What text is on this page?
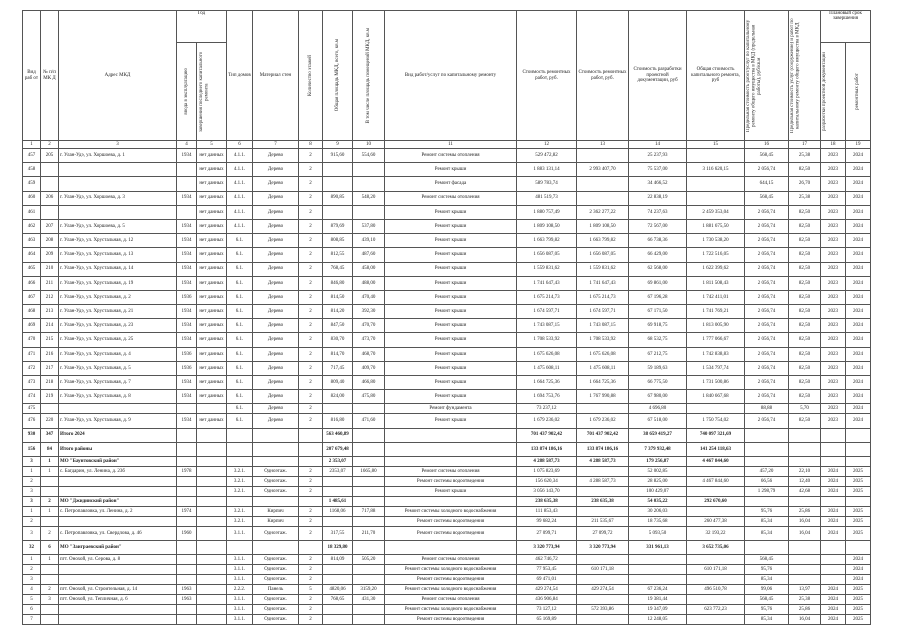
Вид раб от	№ п/п МК Д	Адрес МКД	Год		Тип домов	Материал стен	Количество этажей	Общая площадь МКД, всего, кв.м	В том числе площадь помещений МКД, кв.м	Вид работ/услуг по капитальному ремонту	Стоимость ремонтных работ, руб.	Стоимость ремонтных работ, руб.	Стоимость разработки проектной документации, руб	Общая стоимость капитального ремонта, руб	Предельная стоимость работ/услуг по капитальному ремонту общего имущества в МКД (предельная работы), руб/кв.м	Предельная стоимость услуг (сооружение) и работ по капитальному ремонту общего имущества в МКД	Плановый срок завершения	

			ввода в эксплуатацию	завершения последнего капитального ремонта													разработки проектной документации	ремонтных работ

1	2	3	4	5	6	7	8	9	10	11	12	13	14	15	16	17	18	19
457	205	г. Улан-Удэ, ул. Хоршоева, д. 1	1934	нет данных	4.1.1.	Дерево	2	915,60	554,60	Ремонт системы отопления	529 472,82		25 237,93		568,45	25,38	2023	2024
458				нет данных	4.1.1.	Дерево	2			Ремонт крыши	1 883 131,14	2 993 407,70	75 537,00	3 116 620,15	2 056,74	82,50	2023	2024
459				нет данных	4.1.1.	Дерево	2			Ремонт фасада	589 783,74		34 466,52		644,15	26,70	2023	2024
460	206	г. Улан-Удэ, ул. Хоршоева, д. 3	1934	нет данных	4.1.1.	Дерево	2	890,85	548,20	Ремонт системы отопления	481 519,73		22 838,19		568,45	25,38	2023	2024
461				нет данных	4.1.1.	Дерево	2			Ремонт крыши	1 880 757,49	2 362 277,22	74 237,63	2 459 353,04	2 056,74	82,50	2023	2024
462	207	г. Улан-Удэ, ул. Хоршоева, д. 5	1934	нет данных	4.1.1.	Дерево	2	879,69	537,80	Ремонт крыши	1 809 108,50	1 809 108,50	72 567,00	1 881 675,50	2 056,74	82,50	2023	2024
463	208	г. Улан-Удэ, ул. Хрустальная, д. 12	1934	нет данных	6.1.	Дерево	2	808,85	439,10	Ремонт крыши	1 663 799,82	1 663 799,82	66 738,36	1 730 538,20	2 056,74	82,50	2023	2024
464	209	г. Улан-Удэ, ул. Хрустальная, д. 13	1934	нет данных	6.1.	Дерево	2	812,55	487,60	Ремонт крыши	1 656 087,05	1 656 087,05	66 429,00	1 722 516,05	2 056,74	82,50	2023	2024
465	210	г. Улан-Удэ, ул. Хрустальная, д. 14	1934	нет данных	6.1.	Дерево	2	768,45	458,00	Ремонт крыши	1 559 831,62	1 559 831,62	62 568,00	1 622 399,62	2 056,74	82,50	2023	2024
466	211	г. Улан-Удэ, ул. Хрустальная, д. 19	1934	нет данных	6.1.	Дерево	2	846,80	488,00	Ремонт крыши	1 741 647,43	1 741 647,43	69 861,00	1 811 508,43	2 056,74	82,50	2023	2024
467	212	г. Улан-Удэ, ул. Хрустальная, д. 2	1936	нет данных	6.1.	Дерево	2	814,50	470,40	Ремонт крыши	1 675 214,73	1 675 214,73	67 196,28	1 742 411,01	2 056,74	82,50	2023	2024
468	213	г. Улан-Удэ, ул. Хрустальная, д. 21	1934	нет данных	6.1.	Дерево	2	814,20	392,30	Ремонт крыши	1 674 597,71	1 674 597,71	67 171,50	1 741 769,21	2 056,74	82,50	2023	2024
469	214	г. Улан-Удэ, ул. Хрустальная, д. 23	1934	нет данных	6.1.	Дерево	2	847,50	470,70	Ремонт крыши	1 743 087,15	1 743 087,15	69 918,75	1 813 005,90	2 056,74	82,50	2023	2024
470	215	г. Улан-Удэ, ул. Хрустальная, д. 25	1934	нет данных	6.1.	Дерево	2	830,70	473,70	Ремонт крыши	1 708 533,92	1 708 533,92	68 532,75	1 777 066,67	2 056,74	82,50	2023	2024
471	216	г. Улан-Удэ, ул. Хрустальная, д. 4	1936	нет данных	6.1.	Дерево	2	814,70	468,70	Ремонт крыши	1 675 626,08	1 675 626,08	67 212,75	1 742 838,83	2 056,74	82,50	2023	2024
472	217	г. Улан-Удэ, ул. Хрустальная, д. 5	1936	нет данных	6.1.	Дерево	2	717,45	409,70	Ремонт крыши	1 475 608,11	1 475 608,11	59 189,63	1 534 797,74	2 056,74	82,50	2023	2024
473	218	г. Улан-Удэ, ул. Хрустальная, д. 7	1934	нет данных	6.1.	Дерево	2	809,40	466,80	Ремонт крыши	1 664 725,36	1 664 725,36	66 775,50	1 731 500,86	2 056,74	82,50	2023	2024
474	219	г. Улан-Удэ, ул. Хрустальная, д. 8	1934	нет данных	6.1.	Дерево	2	824,00	475,80	Ремонт крыши	1 694 753,76	1 767 990,88	67 980,00	1 840 667,68	2 056,74	82,50	2023	2024
475					6.1.	Дерево	2			Ремонт фундамента	73 237,12		4 696,80		88,88	5,70	2023	2024
476	220	г. Улан-Удэ, ул. Хрустальная, д. 9	1934	нет данных	6.1.	Дерево	2	816,80	471,60	Ремонт крыши	1 679 236,02	1 679 236,02	67 518,00	1 750 754,02	2 056,74	82,50	2023	2024
930	347	Итого 2024						563 460,89			701 437 902,42	701 437 902,42	38 659 419,27	740 097 321,69				
156	84	Итого районы						207 679,48			133 874 186,16	133 874 186,16	7 379 932,48	141 254 118,63				
3	1	МО "Баунтовский район"						2 353,07			4 288 587,73	4 288 587,73	179 256,87	4 467 844,60				
1	1	с. Багдарин, ул. Ленина, д. 23б	1978		3.2.1.	Одноэтаж.	2	2353,07	1665,80	Ремонт системы отопления	1 075 823,69		52 002,85		457,20	22,10	2024	2025
2					3.2.1.	Одноэтаж.	2			Ремонт системы водоотведения	156 620,34	4 288 587,73	28 825,00	4 467 844,60	66,56	12,40	2024	2025
3					3.2.1.	Одноэтаж.	2			Ремонт крыши	3 056 143,70		100 429,07		1 298,79	42,68	2024	2025
3	2	МО "Джидинский район"						1 485,61			238 635,38	238 635,38	54 035,22	292 670,60				
1	1	с. Петропавловка, ул. Ленина, д. 2	1974		3.2.1.	Кирпич	2	1168,06	717,88	Ремонт системы холодного водоснабжения	111 853,43		30 206,03		95,76	25,86	2024	2025
2					3.2.1.	Кирпич	2			Ремонт системы водоотведения	99 682,24	211 535,67	18 735,68	260 477,38	85,34	16,04	2024	2025
3	2	с. Петропавловка, ул. Свердлова, д. 46	1960		3.1.1.	Одноэтаж.	2	317,55	211,70	Ремонт системы водоотведения	27 099,71	27 099,72	5 093,50	32 193,22	85,34	16,04	2024	2025
32	6	МО "Заиграевский район"						18 329,80			3 320 773,94	3 320 773,94	331 961,13	3 652 735,06				
1	1	пгт. Онохой, ул. Серова, д. 8			3.1.1.	Одноэтаж.	2	814,09	505,20	Ремонт системы отопления	462 746,72				568,45			2024
2					3.1.1.	Одноэтаж.	2			Ремонт системы холодного водоснабжения	77 953,45	610 171,18		610 171,18	95,76			2024
3					3.1.1.	Одноэтаж.	2			Ремонт системы водоотведения	69 471,01				85,34			2024
4	2	пгт. Онохой, ул. Строительная, д. 14	1963		2.2.2.	Панель	5	4820,06	3159,20	Ремонт системы холодного водоснабжения	429 274,54	429 274,54	67 236,24	496 510,78	99,06	13,97	2024	2025
5	3	пгт. Онохой, ул. Тепличная, д. 6	1963		3.1.1.	Одноэтаж.	2	768,65	431,30	Ремонт системы отопления	436 906,84		19 381,44		568,45	25,38	2024	2025
6					3.1.1.	Одноэтаж.	2			Ремонт системы холодного водоснабжения	73 127,12	572 393,86	19 347,09	623 772,23	95,76	25,86	2024	2025
7					3.1.1.	Одноэтаж.	2			Ремонт системы водоотведения	65 169,89		12 248,05		85,34	16,04	2024	2025
